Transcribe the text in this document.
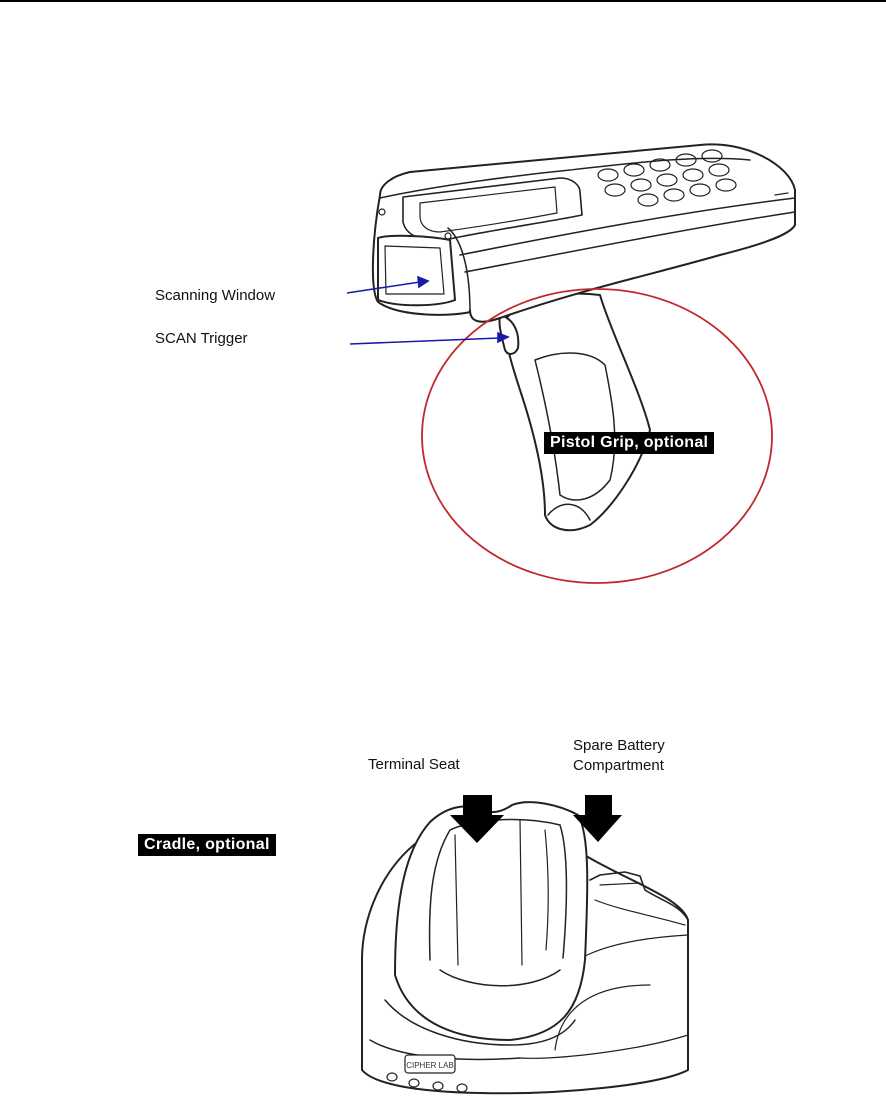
Scanning Window
SCAN Trigger
Pistol Grip, optional
CIPHER LAB
Terminal Seat
Spare Battery
Compartment
Cradle, optional
